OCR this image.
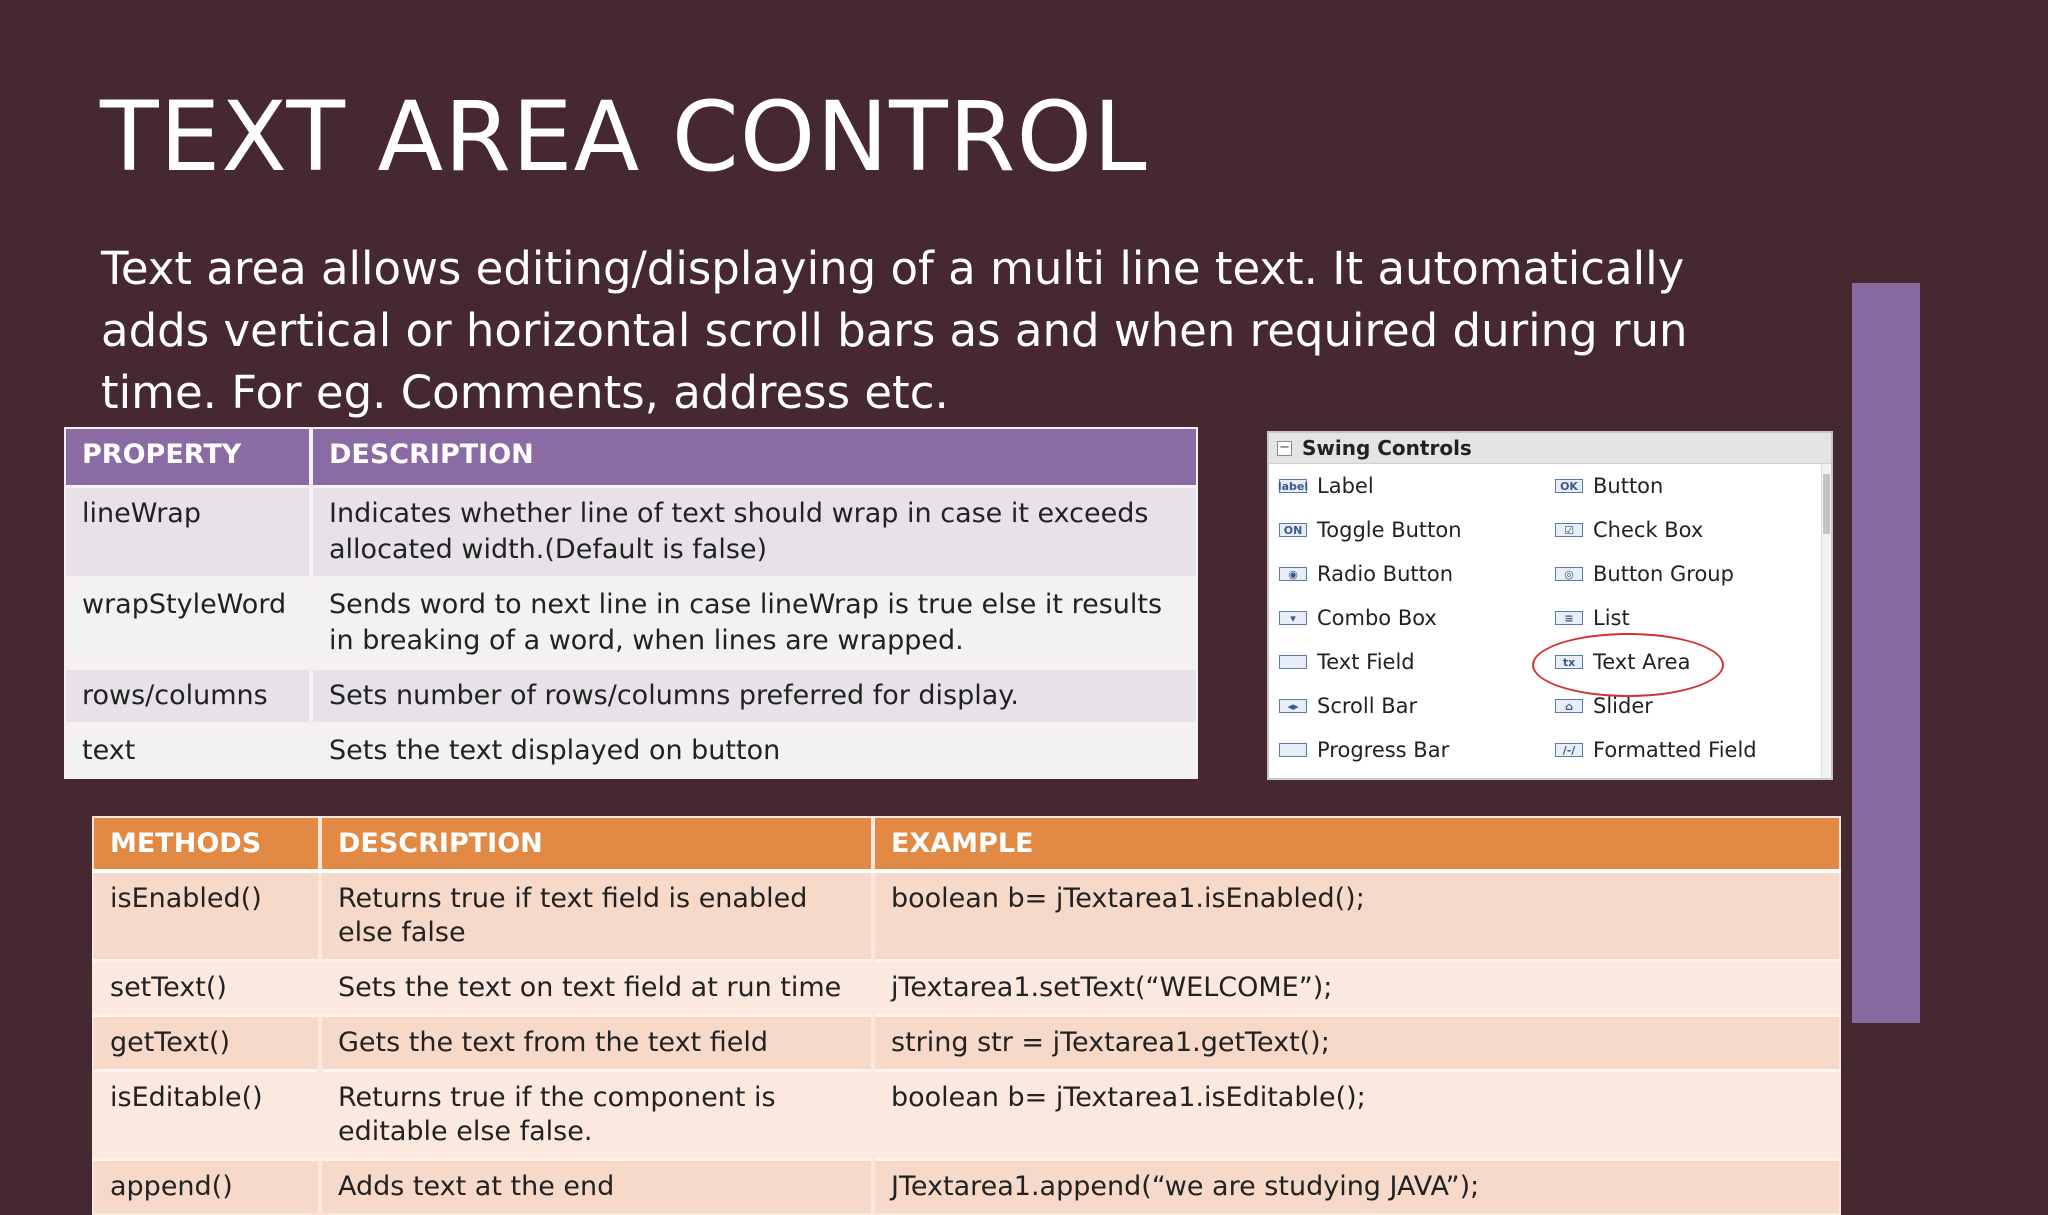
TEXT AREA CONTROL

Text area allows editing/displaying of a multi line text. It automatically adds vertical or horizontal scroll bars as and when required during run time. For eg. Comments, address etc.

PROPERTY	DESCRIPTION
lineWrap	Indicates whether line of text should wrap in case it exceeds allocated width.(Default is false)
wrapStyleWord	Sends word to next line in case lineWrap is true else it results in breaking of a word, when lines are wrapped.
rows/columns	Sets number of rows/columns preferred for display.
text	Sets the text displayed on button
− Swing Controls
label Label	OK Button
ON Toggle Button	☑ Check Box
◉ Radio Button	◎ Button Group
▾	Combo Box	≡ List
Text Field	tx Text Area
◂▸ Scroll Bar	⌂ Slider
Progress Bar	/-/ Formatted Field
METHODS	DESCRIPTION	EXAMPLE
isEnabled()	Returns true if text field is enabled else false	boolean b= jTextarea1.isEnabled();
setText()	Sets the text on text field at run time	jTextarea1.setText(“WELCOME”);
getText()	Gets the text from the text field	string str = jTextarea1.getText();
isEditable()	Returns true if the component is editable else false.	boolean b= jTextarea1.isEditable();
append()	Adds text at the end	JTextarea1.append(“we are studying JAVA”);
